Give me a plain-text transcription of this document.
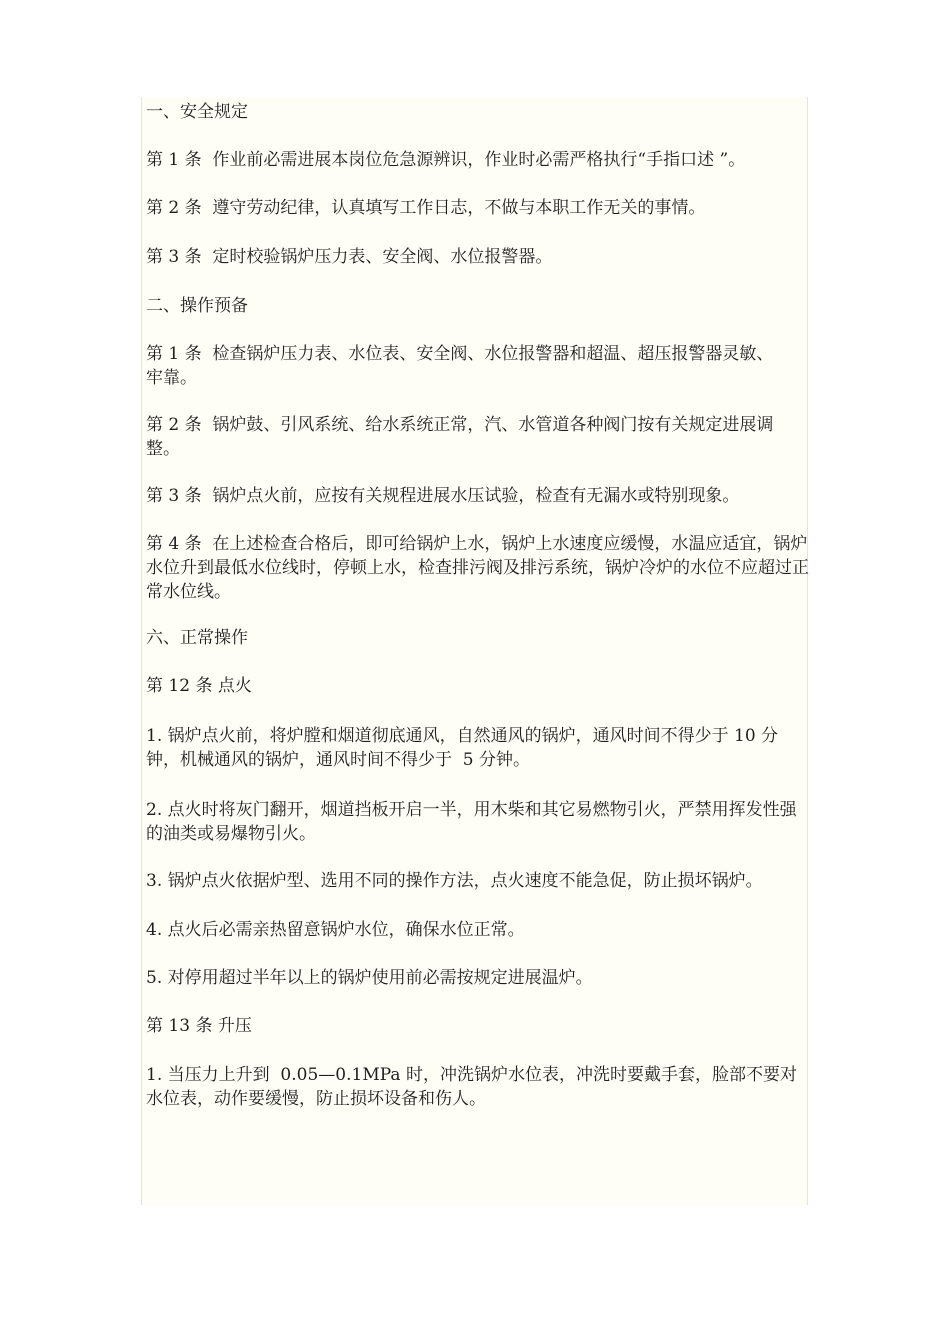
一、安全规定

第 1 条  作业前必需进展本岗位危急源辨识，作业时必需严格执行“手指口述 ”。

第 2 条  遵守劳动纪律，认真填写工作日志，不做与本职工作无关的事情。

第 3 条  定时校验锅炉压力表、安全阀、水位报警器。

二、操作预备

第 1 条  检查锅炉压力表、水位表、安全阀、水位报警器和超温、超压报警器灵敏、牢靠。

第 2 条  锅炉鼓、引风系统、给水系统正常，汽、水管道各种阀门按有关规定进展调整。

第 3 条  锅炉点火前，应按有关规程进展水压试验，检查有无漏水或特别现象。

第 4 条  在上述检查合格后，即可给锅炉上水，锅炉上水速度应缓慢，水温应适宜，锅炉水位升到最低水位线时，停顿上水，检查排污阀及排污系统，锅炉冷炉的水位不应超过正常水位线。

六、正常操作

第 12 条 点火

1. 锅炉点火前，将炉膛和烟道彻底通风，自然通风的锅炉，通风时间不得少于 10 分钟，机械通风的锅炉，通风时间不得少于  5 分钟。

2. 点火时将灰门翻开，烟道挡板开启一半，用木柴和其它易燃物引火，严禁用挥发性强的油类或易爆物引火。

3. 锅炉点火依据炉型、选用不同的操作方法，点火速度不能急促，防止损坏锅炉。

4. 点火后必需亲热留意锅炉水位，确保水位正常。

5. 对停用超过半年以上的锅炉使用前必需按规定进展温炉。

第 13 条 升压

1. 当压力上升到  0.05—0.1MPa 时，冲洗锅炉水位表，冲洗时要戴手套，脸部不要对水位表，动作要缓慢，防止损坏设备和伤人。
